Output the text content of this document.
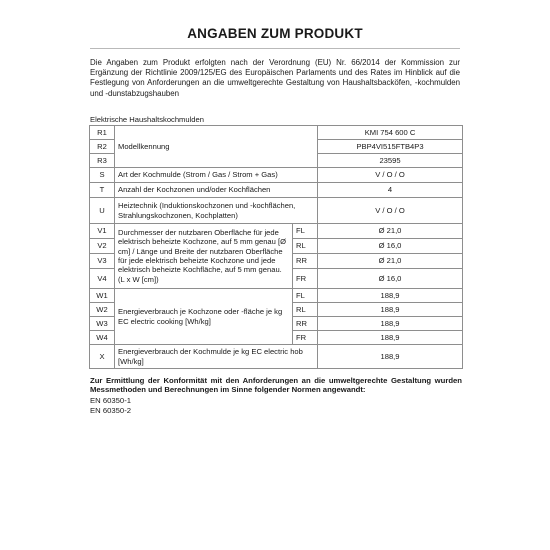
ANGABEN ZUM PRODUKT
Die Angaben zum Produkt erfolgten nach der Verordnung (EU) Nr. 66/2014 der Kommission zur Ergänzung der Richtlinie 2009/125/EG des Europäischen Parlaments und des Rates im Hinblick auf die Festlegung von Anforderungen an die umweltgerechte Gestaltung von Haushaltsbacköfen, -kochmulden und -dunstabzugshauben
Elektrische Haushaltskochmulden
R1	Modellkennung		KMI 754 600 C
R2			PBP4VI515FTB4P3
R3			23595
S	Art der Kochmulde (Strom / Gas / Strom + Gas)		V / O / O
T	Anzahl der Kochzonen und/oder Kochflächen		4
U	Heiztechnik (Induktionskochzonen und -kochflächen, Strahlungskochzonen, Kochplatten)		V / O / O
V1	Durchmesser der nutzbaren Oberfläche für jede elektrisch beheizte Kochzone, auf 5 mm genau [Ø cm] / Länge und Breite der nutzbaren Oberfläche für jede elektrisch beheizte Kochzone und jede elektrisch beheizte Kochfläche, auf 5 mm genau. (L x W [cm])	FL	Ø 21,0
V2		RL	Ø 16,0
V3		RR	Ø 21,0
V4		FR	Ø 16,0
W1	Energieverbrauch je Kochzone oder -fläche je kg EC electric cooking [Wh/kg]	FL	188,9
W2		RL	188,9
W3		RR	188,9
W4		FR	188,9
X	Energieverbrauch der Kochmulde je kg EC electric hob [Wh/kg]		188,9
Zur Ermittlung der Konformität mit den Anforderungen an die umweltgerechte Gestaltung wurden Messmethoden und Berechnungen im Sinne folgender Normen angewandt:
EN 60350-1
EN 60350-2
